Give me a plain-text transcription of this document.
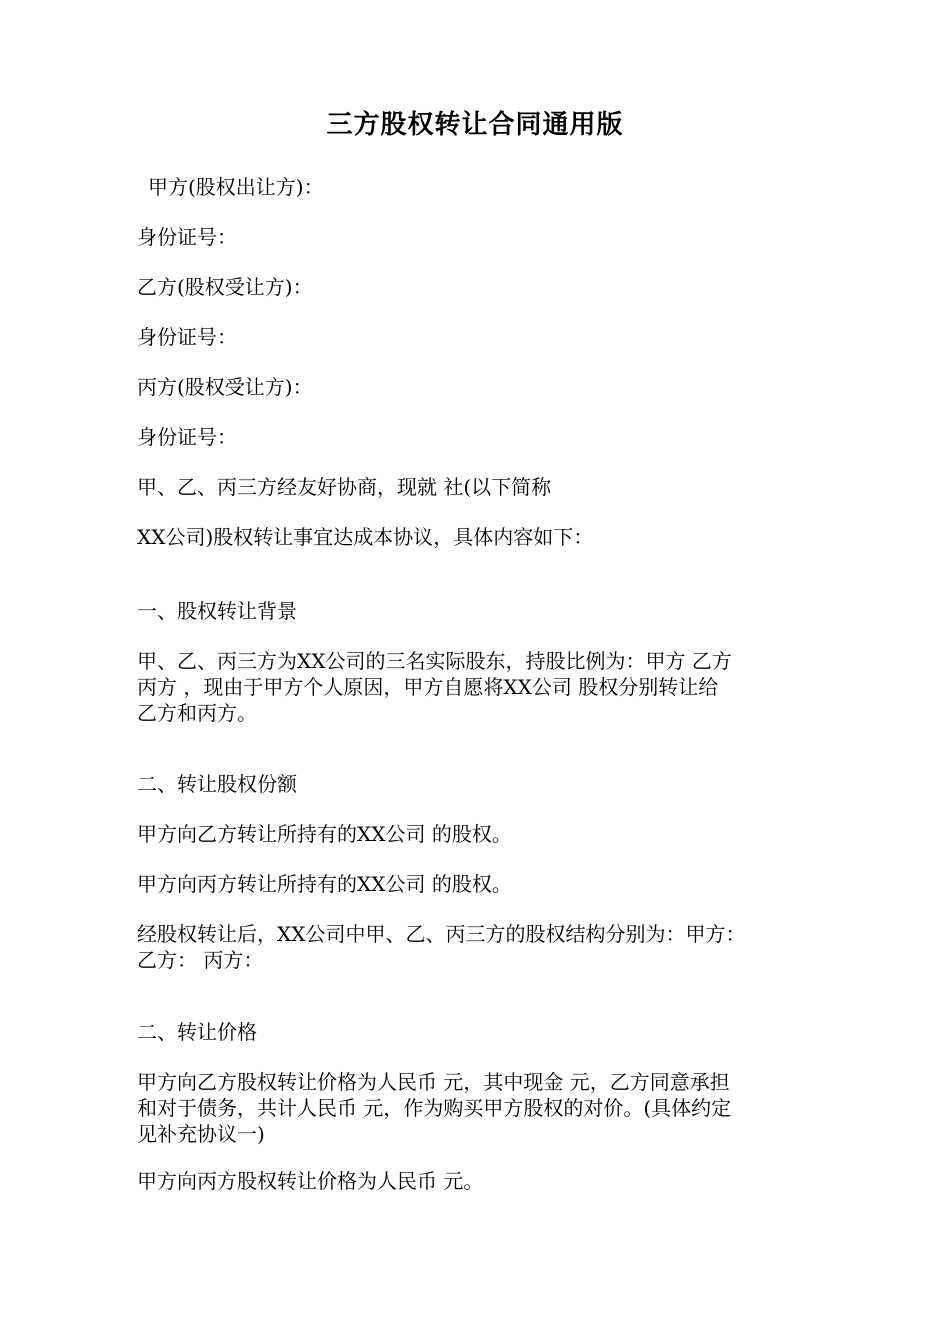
三方股权转让合同通用版
甲方(股权出让方)：
身份证号：
乙方(股权受让方)：
身份证号：
丙方(股权受让方)：
身份证号：
甲、乙、丙三方经友好协商，现就 社(以下简称
XX公司)股权转让事宜达成本协议，具体内容如下：
一、股权转让背景
甲、乙、丙三方为XX公司的三名实际股东，持股比例为：甲方 乙方
丙方 ，现由于甲方个人原因，甲方自愿将XX公司 股权分别转让给
乙方和丙方。
二、转让股权份额
甲方向乙方转让所持有的XX公司 的股权。
甲方向丙方转让所持有的XX公司 的股权。
经股权转让后，XX公司中甲、乙、丙三方的股权结构分别为：甲方：
乙方： 丙方：
二、转让价格
甲方向乙方股权转让价格为人民币 元，其中现金 元，乙方同意承担
和对于债务，共计人民币 元，作为购买甲方股权的对价。(具体约定
见补充协议一)
甲方向丙方股权转让价格为人民币 元。
